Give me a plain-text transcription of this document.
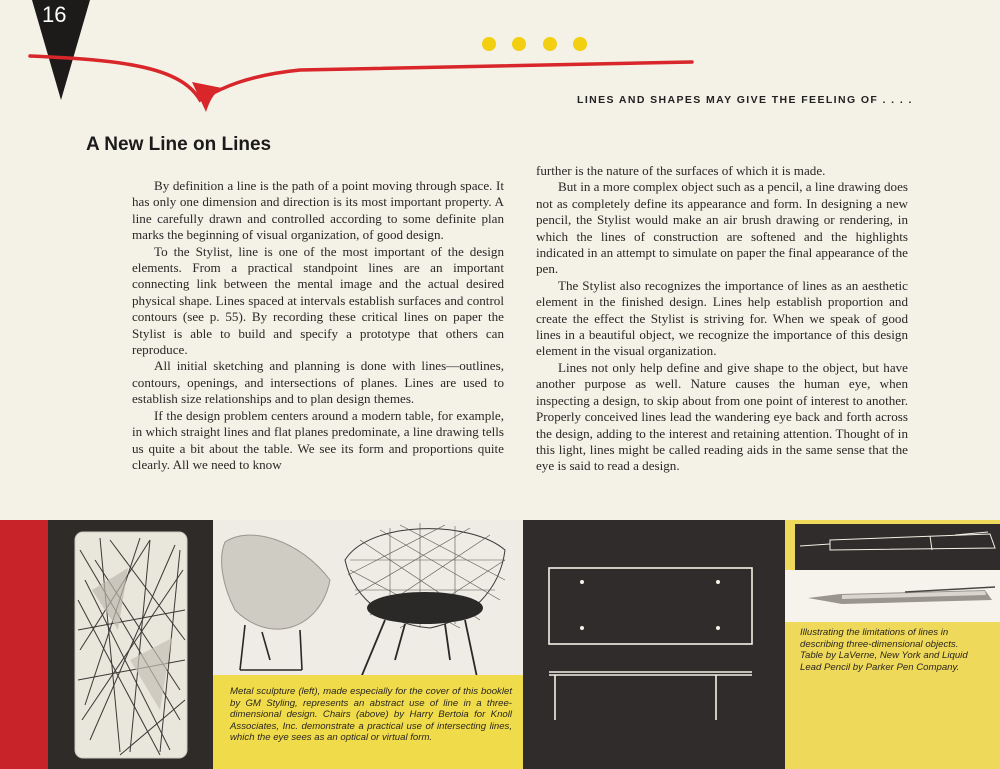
16
LINES AND SHAPES MAY GIVE THE FEELING OF . . . .
A New Line on Lines

By definition a line is the path of a point moving through space. It has only one dimension and direction is its most important property. A line carefully drawn and controlled according to some definite plan marks the beginning of visual organization, of good design.

To the Stylist, line is one of the most important of the design elements. From a practical standpoint lines are an important connecting link between the mental image and the actual desired physical shape. Lines spaced at intervals establish surfaces and control contours (see p. 55). By recording these critical lines on paper the Stylist is able to build and specify a prototype that others can reproduce.

All initial sketching and planning is done with lines—outlines, contours, openings, and intersections of planes. Lines are used to establish size relationships and to plan design themes.

If the design problem centers around a modern table, for example, in which straight lines and flat planes predominate, a line drawing tells us quite a bit about the table. We see its form and proportions quite clearly. All we need to know

further is the nature of the surfaces of which it is made.

But in a more complex object such as a pencil, a line drawing does not as completely define its appearance and form. In designing a new pencil, the Stylist would make an air brush drawing or rendering, in which the lines of construction are softened and the highlights indicated in an attempt to simulate on paper the final appearance of the pen.

The Stylist also recognizes the importance of lines as an aesthetic element in the finished design. Lines help establish proportion and create the effect the Stylist is striving for. When we speak of good lines in a beautiful object, we recognize the importance of this design element in the visual organization.

Lines not only help define and give shape to the object, but have another purpose as well. Nature causes the human eye, when inspecting a design, to skip about from one point of interest to another. Properly conceived lines lead the wandering eye back and forth across the design, adding to the interest and retaining attention. Thought of in this light, lines might be called reading aids in the same sense that the eye is said to read a design.

Metal sculpture (left), made especially for the cover of this booklet by GM Styling, represents an abstract use of line in a three-dimensional design. Chairs (above) by Harry Bertoia for Knoll Associates, Inc. demonstrate a practical use of intersecting lines, which the eye sees as an optical or virtual form.
Illustrating the limitations of lines in describing three-dimensional objects. Table by LaVerne, New York and Liquid Lead Pencil by Parker Pen Company.
